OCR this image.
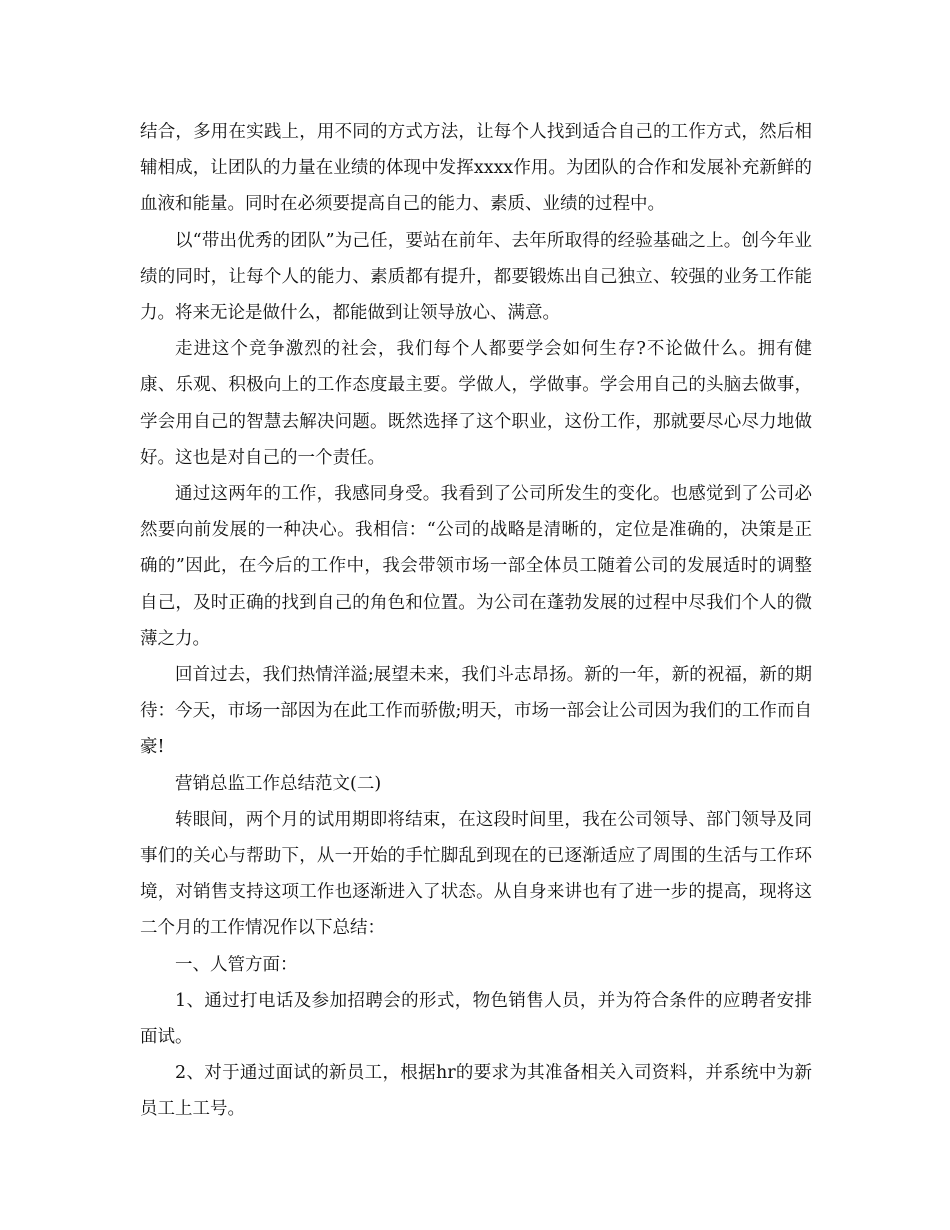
结合，多用在实践上，用不同的方式方法，让每个人找到适合自己的工作方式，然后相辅相成，让团队的力量在业绩的体现中发挥xxxx作用。为团队的合作和发展补充新鲜的血液和能量。同时在必须要提高自己的能力、素质、业绩的过程中。

以“带出优秀的团队”为己任，要站在前年、去年所取得的经验基础之上。创今年业绩的同时，让每个人的能力、素质都有提升，都要锻炼出自己独立、较强的业务工作能力。将来无论是做什么，都能做到让领导放心、满意。

走进这个竞争激烈的社会，我们每个人都要学会如何生存?不论做什么。拥有健康、乐观、积极向上的工作态度最主要。学做人，学做事。学会用自己的头脑去做事，学会用自己的智慧去解决问题。既然选择了这个职业，这份工作，那就要尽心尽力地做好。这也是对自己的一个责任。

通过这两年的工作，我感同身受。我看到了公司所发生的变化。也感觉到了公司必然要向前发展的一种决心。我相信：“公司的战略是清晰的，定位是准确的，决策是正确的”因此，在今后的工作中，我会带领市场一部全体员工随着公司的发展适时的调整自己，及时正确的找到自己的角色和位置。为公司在蓬勃发展的过程中尽我们个人的微薄之力。

回首过去，我们热情洋溢;展望未来，我们斗志昂扬。新的一年，新的祝福，新的期待：今天，市场一部因为在此工作而骄傲;明天，市场一部会让公司因为我们的工作而自豪!

营销总监工作总结范文(二)

转眼间，两个月的试用期即将结束，在这段时间里，我在公司领导、部门领导及同事们的关心与帮助下，从一开始的手忙脚乱到现在的已逐渐适应了周围的生活与工作环境，对销售支持这项工作也逐渐进入了状态。从自身来讲也有了进一步的提高，现将这二个月的工作情况作以下总结：

一、人管方面：

1、通过打电话及参加招聘会的形式，物色销售人员，并为符合条件的应聘者安排面试。

2、对于通过面试的新员工，根据hr的要求为其准备相关入司资料，并系统中为新员工上工号。
